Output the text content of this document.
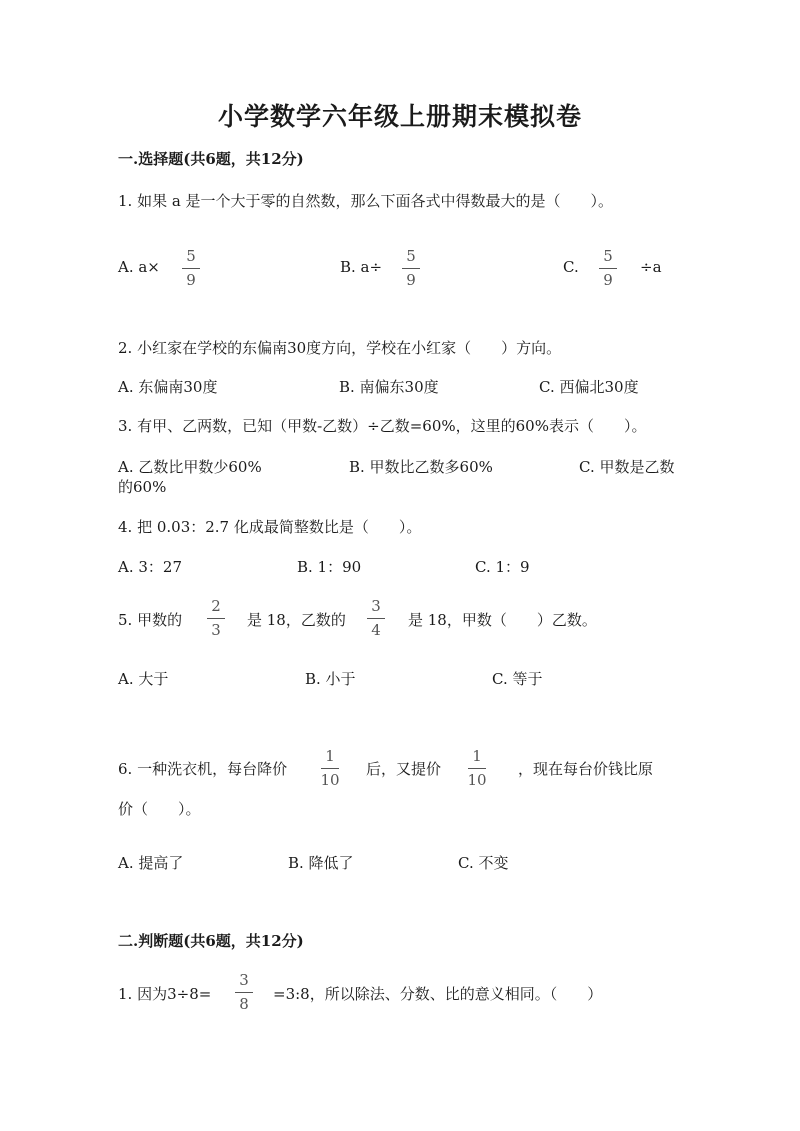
小学数学六年级上册期末模拟卷
一.选择题(共6题，共12分)
1. 如果 a 是一个大于零的自然数，那么下面各式中得数最大的是（　　）。
A. a×
5
9
B. a÷
5
9
C.
5
9
÷a
2. 小红家在学校的东偏南30度方向，学校在小红家（　　）方向。
A. 东偏南30度	B. 南偏东30度	C. 西偏北30度
3. 有甲、乙两数，已知（甲数-乙数）÷乙数=60%，这里的60%表示（　　）。
A. 乙数比甲数少60%	B. 甲数比乙数多60%	C. 甲数是乙数
的60%
4. 把 0.03：2.7 化成最简整数比是（　　）。
A. 3：27	B. 1：90	C. 1：9
5. 甲数的
2
3
是 18，乙数的
3
4
是 18，甲数（　　）乙数。
A. 大于	B. 小于	C. 等于
6. 一种洗衣机，每台降价
1
10
后，又提价
1
10
，现在每台价钱比原
价（　　）。
A. 提高了	B. 降低了	C. 不变
二.判断题(共6题，共12分)
1. 因为3÷8=
3
8
=3:8，所以除法、分数、比的意义相同。（　　）
